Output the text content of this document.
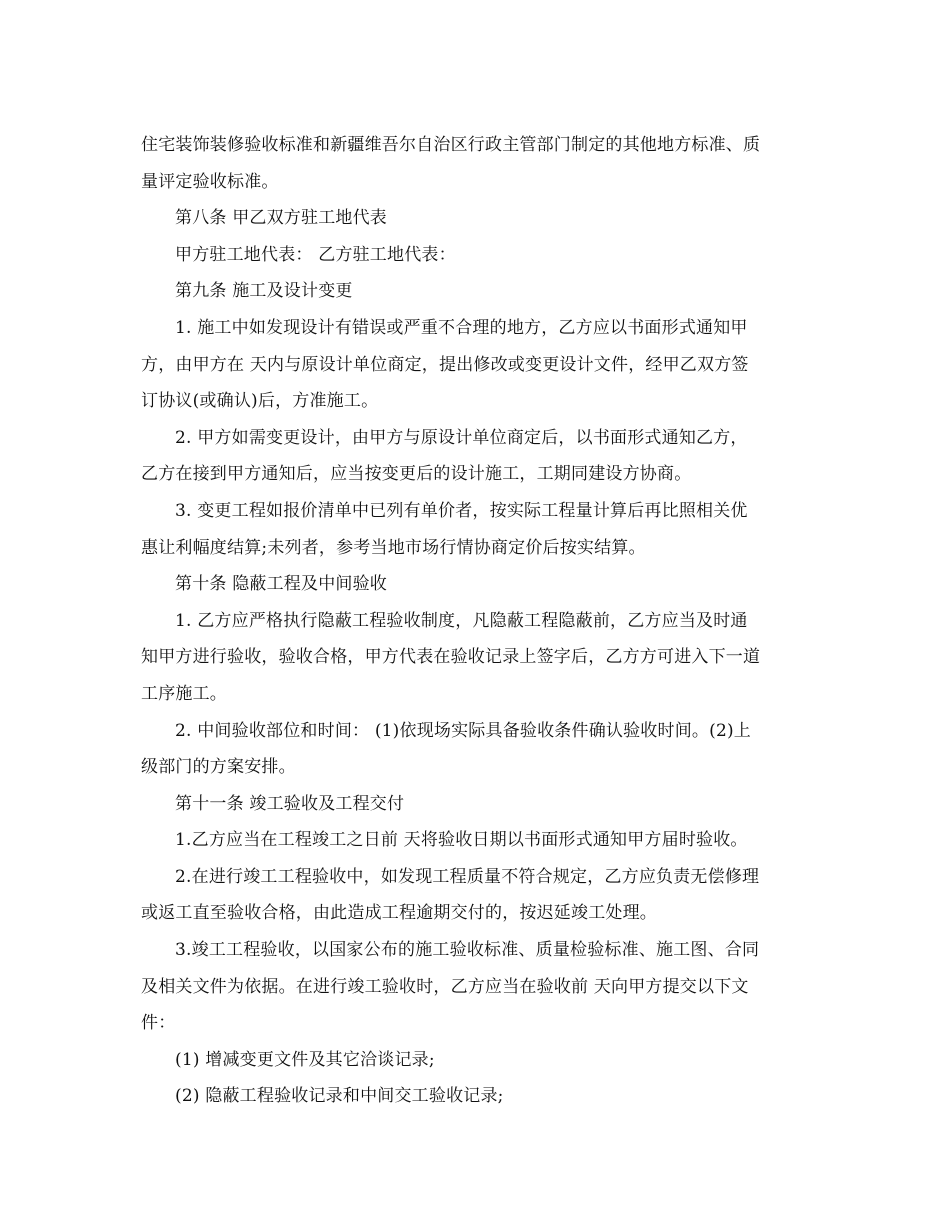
住宅装饰装修验收标准和新疆维吾尔自治区行政主管部门制定的其他地方标准、质
量评定验收标准。
第八条 甲乙双方驻工地代表
甲方驻工地代表： 乙方驻工地代表：
第九条 施工及设计变更
1. 施工中如发现设计有错误或严重不合理的地方，乙方应以书面形式通知甲
方，由甲方在 天内与原设计单位商定，提出修改或变更设计文件，经甲乙双方签
订协议(或确认)后，方准施工。
2. 甲方如需变更设计，由甲方与原设计单位商定后，以书面形式通知乙方，
乙方在接到甲方通知后，应当按变更后的设计施工，工期同建设方协商。
3. 变更工程如报价清单中已列有单价者，按实际工程量计算后再比照相关优
惠让利幅度结算;未列者，参考当地市场行情协商定价后按实结算。
第十条 隐蔽工程及中间验收
1. 乙方应严格执行隐蔽工程验收制度，凡隐蔽工程隐蔽前，乙方应当及时通
知甲方进行验收，验收合格，甲方代表在验收记录上签字后，乙方方可进入下一道
工序施工。
2. 中间验收部位和时间： (1)依现场实际具备验收条件确认验收时间。(2)上
级部门的方案安排。
第十一条 竣工验收及工程交付
1.乙方应当在工程竣工之日前 天将验收日期以书面形式通知甲方届时验收。
2.在进行竣工工程验收中，如发现工程质量不符合规定，乙方应负责无偿修理
或返工直至验收合格，由此造成工程逾期交付的，按迟延竣工处理。
3.竣工工程验收，以国家公布的施工验收标准、质量检验标准、施工图、合同
及相关文件为依据。在进行竣工验收时，乙方应当在验收前 天向甲方提交以下文
件：
(1) 增减变更文件及其它洽谈记录;
(2) 隐蔽工程验收记录和中间交工验收记录;
